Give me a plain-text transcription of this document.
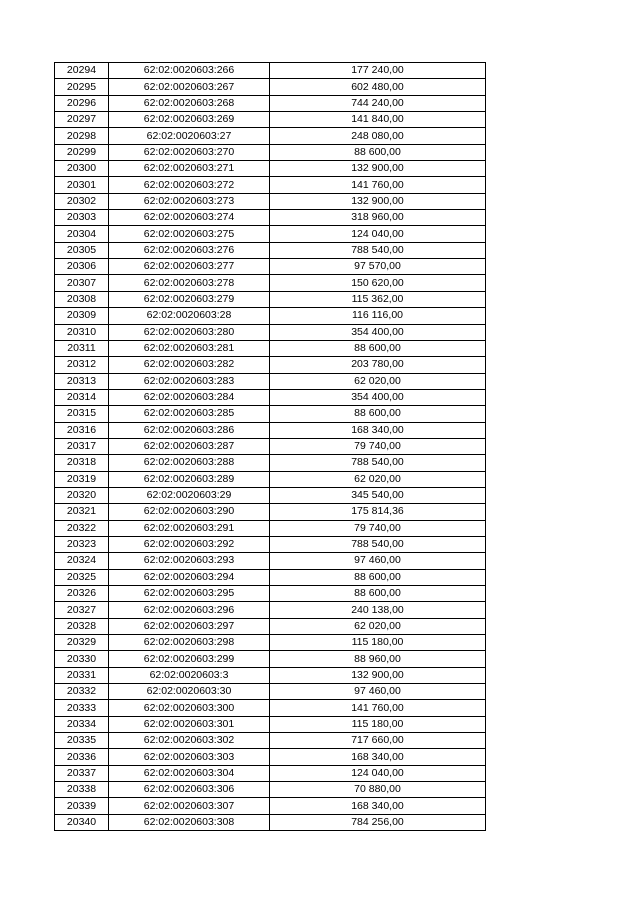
20294	62:02:0020603:266	177 240,00
20295	62:02:0020603:267	602 480,00
20296	62:02:0020603:268	744 240,00
20297	62:02:0020603:269	141 840,00
20298	62:02:0020603:27	248 080,00
20299	62:02:0020603:270	88 600,00
20300	62:02:0020603:271	132 900,00
20301	62:02:0020603:272	141 760,00
20302	62:02:0020603:273	132 900,00
20303	62:02:0020603:274	318 960,00
20304	62:02:0020603:275	124 040,00
20305	62:02:0020603:276	788 540,00
20306	62:02:0020603:277	97 570,00
20307	62:02:0020603:278	150 620,00
20308	62:02:0020603:279	115 362,00
20309	62:02:0020603:28	116 116,00
20310	62:02:0020603:280	354 400,00
20311	62:02:0020603:281	88 600,00
20312	62:02:0020603:282	203 780,00
20313	62:02:0020603:283	62 020,00
20314	62:02:0020603:284	354 400,00
20315	62:02:0020603:285	88 600,00
20316	62:02:0020603:286	168 340,00
20317	62:02:0020603:287	79 740,00
20318	62:02:0020603:288	788 540,00
20319	62:02:0020603:289	62 020,00
20320	62:02:0020603:29	345 540,00
20321	62:02:0020603:290	175 814,36
20322	62:02:0020603:291	79 740,00
20323	62:02:0020603:292	788 540,00
20324	62:02:0020603:293	97 460,00
20325	62:02:0020603:294	88 600,00
20326	62:02:0020603:295	88 600,00
20327	62:02:0020603:296	240 138,00
20328	62:02:0020603:297	62 020,00
20329	62:02:0020603:298	115 180,00
20330	62:02:0020603:299	88 960,00
20331	62:02:0020603:3	132 900,00
20332	62:02:0020603:30	97 460,00
20333	62:02:0020603:300	141 760,00
20334	62:02:0020603:301	115 180,00
20335	62:02:0020603:302	717 660,00
20336	62:02:0020603:303	168 340,00
20337	62:02:0020603:304	124 040,00
20338	62:02:0020603:306	70 880,00
20339	62:02:0020603:307	168 340,00
20340	62:02:0020603:308	784 256,00
